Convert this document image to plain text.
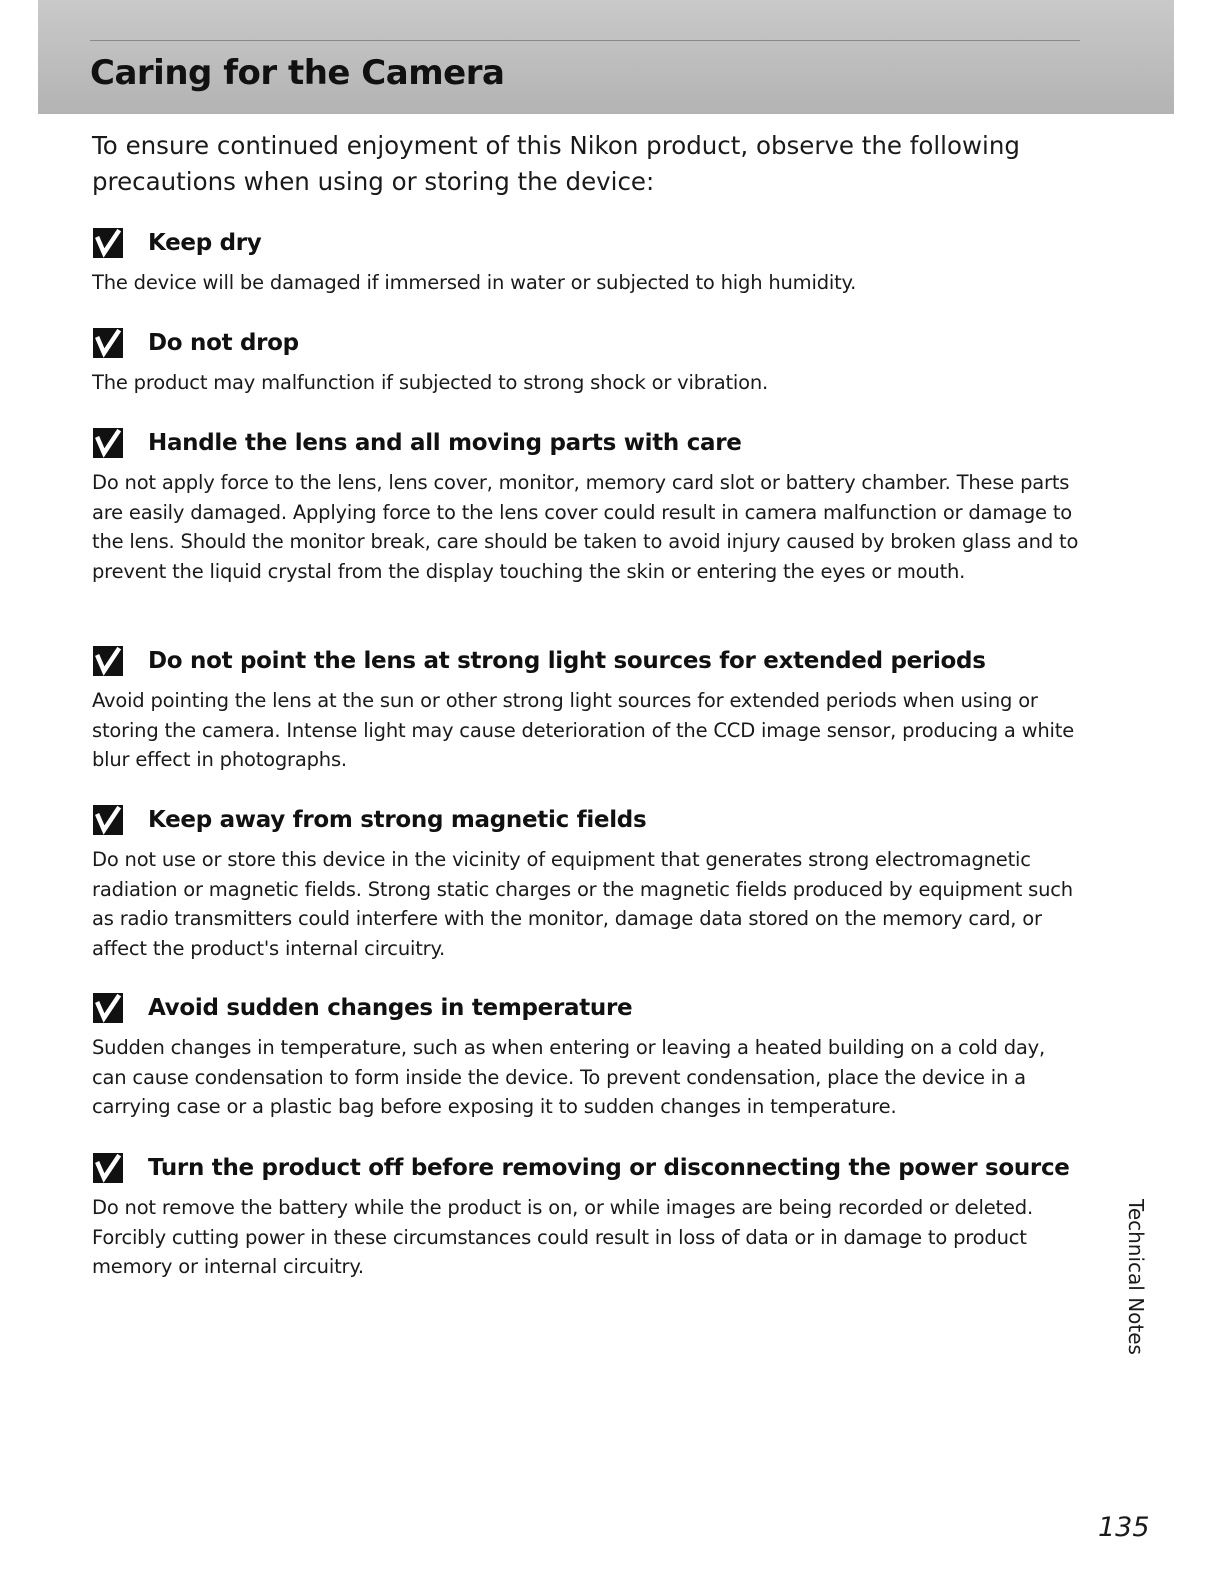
Caring for the Camera

To ensure continued enjoyment of this Nikon product, observe the following precautions when using or storing the device:

Keep dry

The device will be damaged if immersed in water or subjected to high humidity.

Do not drop

The product may malfunction if subjected to strong shock or vibration.

Handle the lens and all moving parts with care

Do not apply force to the lens, lens cover, monitor, memory card slot or battery chamber. These parts are easily damaged. Applying force to the lens cover could result in camera malfunction or damage to the lens. Should the monitor break, care should be taken to avoid injury caused by broken glass and to prevent the liquid crystal from the display touching the skin or entering the eyes or mouth.

Do not point the lens at strong light sources for extended periods

Avoid pointing the lens at the sun or other strong light sources for extended periods when using or storing the camera. Intense light may cause deterioration of the CCD image sensor, producing a white blur effect in photographs.

Keep away from strong magnetic fields

Do not use or store this device in the vicinity of equipment that generates strong electromagnetic radiation or magnetic fields. Strong static charges or the magnetic fields produced by equipment such as radio transmitters could interfere with the monitor, damage data stored on the memory card, or affect the product's internal circuitry.

Avoid sudden changes in temperature

Sudden changes in temperature, such as when entering or leaving a heated building on a cold day, can cause condensation to form inside the device. To prevent condensation, place the device in a carrying case or a plastic bag before exposing it to sudden changes in temperature.

Turn the product off before removing or disconnecting the power source

Do not remove the battery while the product is on, or while images are being recorded or deleted. Forcibly cutting power in these circumstances could result in loss of data or in damage to product memory or internal circuitry.	Technical Notes
135
